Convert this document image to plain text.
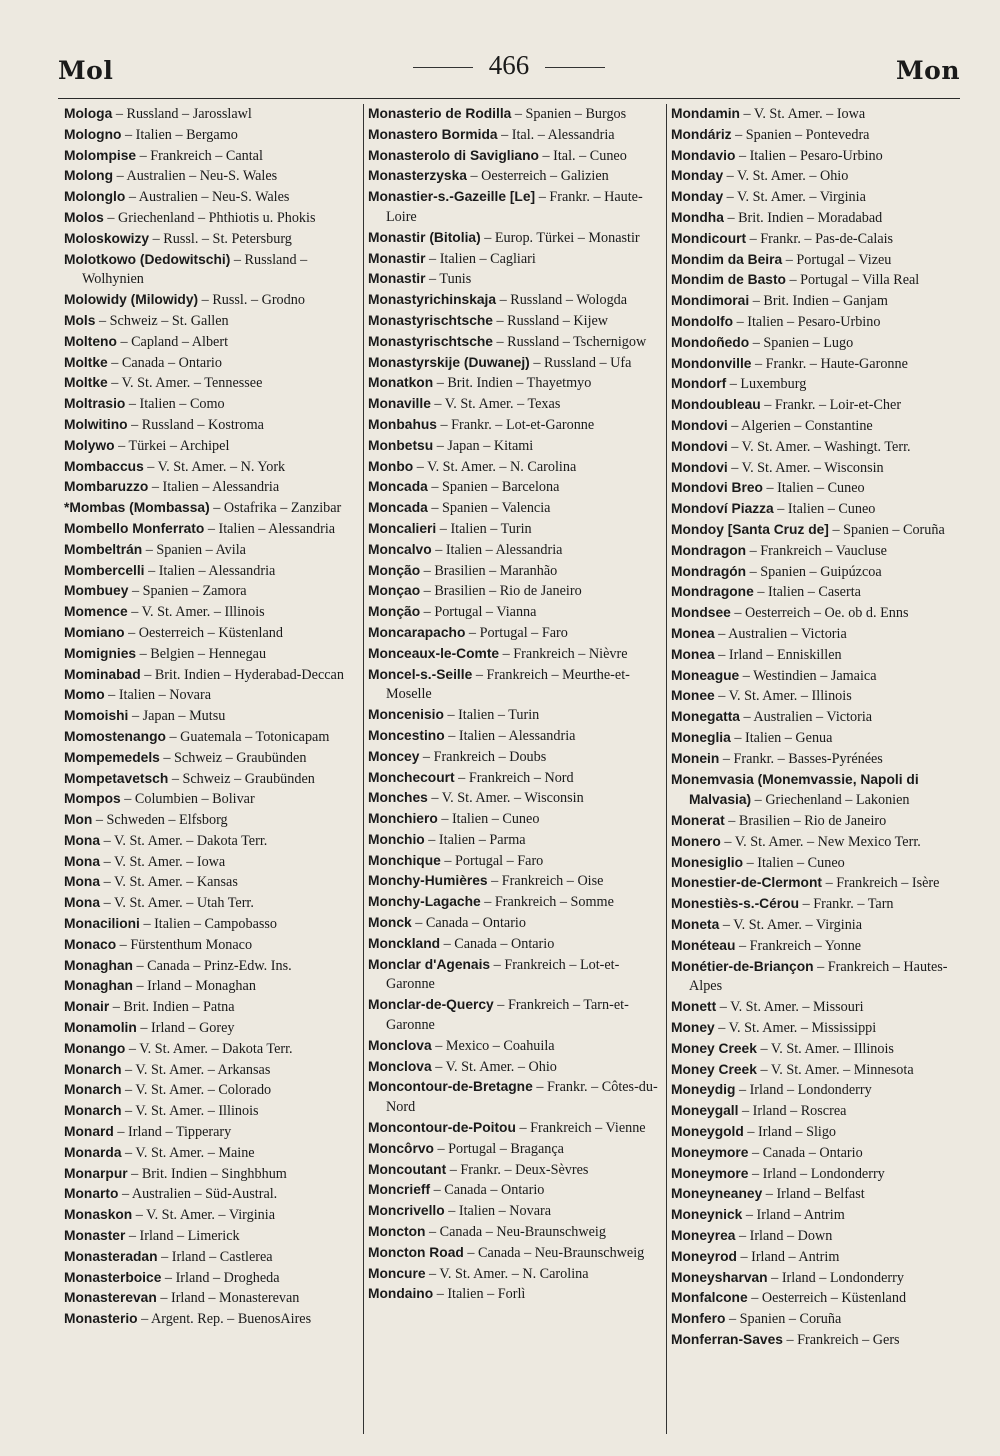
Mol	466	Mon
Mologa – Russland – Jarosslawl
Mologno – Italien – Bergamo
Molompise – Frankreich – Cantal
Molong – Australien – Neu-S. Wales
Molonglo – Australien – Neu-S. Wales
Molos – Griechenland – Phthiotis u. Phokis
Moloskowizy – Russl. – St. Petersburg
Molotkowo (Dedowitschi) – Russland – Wolhynien
Molowidy (Milowidy) – Russl. – Grodno
Mols – Schweiz – St. Gallen
Molteno – Capland – Albert
Moltke – Canada – Ontario
Moltke – V. St. Amer. – Tennessee
Moltrasio – Italien – Como
Molwitino – Russland – Kostroma
Molywo – Türkei – Archipel
Mombaccus – V. St. Amer. – N. York
Mombaruzzo – Italien – Alessandria
*Mombas (Mombassa) – Ostafrika – Zanzibar
Mombello Monferrato – Italien – Alessandria
Mombeltrán – Spanien – Avila
Mombercelli – Italien – Alessandria
Mombuey – Spanien – Zamora
Momence – V. St. Amer. – Illinois
Momiano – Oesterreich – Küstenland
Momignies – Belgien – Hennegau
Mominabad – Brit. Indien – Hyderabad-Deccan
Momo – Italien – Novara
Momoishi – Japan – Mutsu
Momostenango – Guatemala – Totonicapam
Mompemedels – Schweiz – Graubünden
Mompetavetsch – Schweiz – Graubünden
Mompos – Columbien – Bolivar
Mon – Schweden – Elfsborg
Mona – V. St. Amer. – Dakota Terr.
Mona – V. St. Amer. – Iowa
Mona – V. St. Amer. – Kansas
Mona – V. St. Amer. – Utah Terr.
Monacilioni – Italien – Campobasso
Monaco – Fürstenthum Monaco
Monaghan – Canada – Prinz-Edw. Ins.
Monaghan – Irland – Monaghan
Monair – Brit. Indien – Patna
Monamolin – Irland – Gorey
Monango – V. St. Amer. – Dakota Terr.
Monarch – V. St. Amer. – Arkansas
Monarch – V. St. Amer. – Colorado
Monarch – V. St. Amer. – Illinois
Monard – Irland – Tipperary
Monarda – V. St. Amer. – Maine
Monarpur – Brit. Indien – Singhbhum
Monarto – Australien – Süd-Austral.
Monaskon – V. St. Amer. – Virginia
Monaster – Irland – Limerick
Monasteradan – Irland – Castlerea
Monasterboice – Irland – Drogheda
Monasterevan – Irland – Monasterevan
Monasterio – Argent. Rep. – BuenosAires
Monasterio de Rodilla – Spanien – Burgos
Monastero Bormida – Ital. – Alessandria
Monasterolo di Savigliano – Ital. – Cuneo
Monasterzyska – Oesterreich – Galizien
Monastier-s.-Gazeille [Le] – Frankr. – Haute-Loire
Monastir (Bitolia) – Europ. Türkei – Monastir
Monastir – Italien – Cagliari
Monastir – Tunis
Monastyrichinskaja – Russland – Wologda
Monastyrischtsche – Russland – Kijew
Monastyrischtsche – Russland – Tschernigow
Monastyrskije (Duwanej) – Russland – Ufa
Monatkon – Brit. Indien – Thayetmyo
Monaville – V. St. Amer. – Texas
Monbahus – Frankr. – Lot-et-Garonne
Monbetsu – Japan – Kitami
Monbo – V. St. Amer. – N. Carolina
Moncada – Spanien – Barcelona
Moncada – Spanien – Valencia
Moncalieri – Italien – Turin
Moncalvo – Italien – Alessandria
Monção – Brasilien – Maranhão
Monçao – Brasilien – Rio de Janeiro
Monção – Portugal – Vianna
Moncarapacho – Portugal – Faro
Monceaux-le-Comte – Frankreich – Nièvre
Moncel-s.-Seille – Frankreich – Meurthe-et-Moselle
Moncenisio – Italien – Turin
Moncestino – Italien – Alessandria
Moncey – Frankreich – Doubs
Monchecourt – Frankreich – Nord
Monches – V. St. Amer. – Wisconsin
Monchiero – Italien – Cuneo
Monchio – Italien – Parma
Monchique – Portugal – Faro
Monchy-Humières – Frankreich – Oise
Monchy-Lagache – Frankreich – Somme
Monck – Canada – Ontario
Monckland – Canada – Ontario
Monclar d'Agenais – Frankreich – Lot-et-Garonne
Monclar-de-Quercy – Frankreich – Tarn-et-Garonne
Monclova – Mexico – Coahuila
Monclova – V. St. Amer. – Ohio
Moncontour-de-Bretagne – Frankr. – Côtes-du-Nord
Moncontour-de-Poitou – Frankreich – Vienne
Moncôrvo – Portugal – Bragança
Moncoutant – Frankr. – Deux-Sèvres
Moncrieff – Canada – Ontario
Moncrivello – Italien – Novara
Moncton – Canada – Neu-Braunschweig
Moncton Road – Canada – Neu-Braunschweig
Moncure – V. St. Amer. – N. Carolina
Mondaino – Italien – Forlì
Mondamin – V. St. Amer. – Iowa
Mondáriz – Spanien – Pontevedra
Mondavio – Italien – Pesaro-Urbino
Monday – V. St. Amer. – Ohio
Monday – V. St. Amer. – Virginia
Mondha – Brit. Indien – Moradabad
Mondicourt – Frankr. – Pas-de-Calais
Mondim da Beira – Portugal – Vizeu
Mondim de Basto – Portugal – Villa Real
Mondimorai – Brit. Indien – Ganjam
Mondolfo – Italien – Pesaro-Urbino
Mondoñedo – Spanien – Lugo
Mondonville – Frankr. – Haute-Garonne
Mondorf – Luxemburg
Mondoubleau – Frankr. – Loir-et-Cher
Mondovi – Algerien – Constantine
Mondovi – V. St. Amer. – Washingt. Terr.
Mondovi – V. St. Amer. – Wisconsin
Mondovi Breo – Italien – Cuneo
Mondoví Piazza – Italien – Cuneo
Mondoy [Santa Cruz de] – Spanien – Coruña
Mondragon – Frankreich – Vaucluse
Mondragón – Spanien – Guipúzcoa
Mondragone – Italien – Caserta
Mondsee – Oesterreich – Oe. ob d. Enns
Monea – Australien – Victoria
Monea – Irland – Enniskillen
Moneague – Westindien – Jamaica
Monee – V. St. Amer. – Illinois
Monegatta – Australien – Victoria
Moneglia – Italien – Genua
Monein – Frankr. – Basses-Pyrénées
Monemvasia (Monemvassie, Napoli di Malvasia) – Griechenland – Lakonien
Monerat – Brasilien – Rio de Janeiro
Monero – V. St. Amer. – New Mexico Terr.
Monesiglio – Italien – Cuneo
Monestier-de-Clermont – Frankreich – Isère
Monestiès-s.-Cérou – Frankr. – Tarn
Moneta – V. St. Amer. – Virginia
Monéteau – Frankreich – Yonne
Monétier-de-Briançon – Frankreich – Hautes-Alpes
Monett – V. St. Amer. – Missouri
Money – V. St. Amer. – Mississippi
Money Creek – V. St. Amer. – Illinois
Money Creek – V. St. Amer. – Minnesota
Moneydig – Irland – Londonderry
Moneygall – Irland – Roscrea
Moneygold – Irland – Sligo
Moneymore – Canada – Ontario
Moneymore – Irland – Londonderry
Moneyneaney – Irland – Belfast
Moneynick – Irland – Antrim
Moneyrea – Irland – Down
Moneyrod – Irland – Antrim
Moneysharvan – Irland – Londonderry
Monfalcone – Oesterreich – Küstenland
Monfero – Spanien – Coruña
Monferran-Saves – Frankreich – Gers
